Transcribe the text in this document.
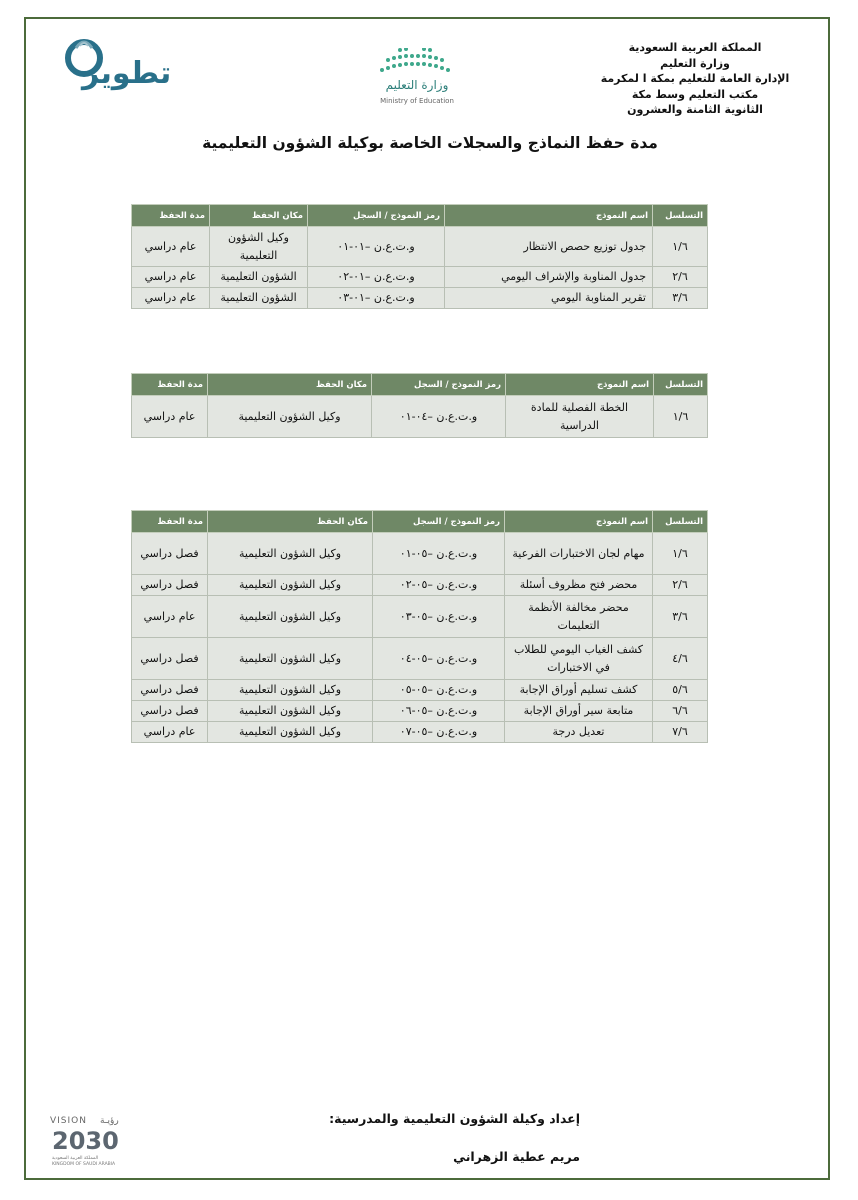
المملكة العربية السعودية
وزارة التعليم
الإدارة العامة للتعليم بمكة ا لمكرمة
مكتب التعليم وسط مكة
الثانوية الثامنة والعشرون
وزارة التعليم
Ministry of Education
تطوير
مدة حفظ النماذج والسجلات الخاصة بوكيلة الشؤون التعليمية
التسلسل	اسم النموذج	رمز النموذج / السجل	مكان الحفظ	مدة الحفظ
١/٦	جدول توزيع حصص الانتظار	و.ت.ع.ن –٠١-٠١	وكيل الشؤون التعليمية	عام دراسي
٢/٦	جدول المناوبة والإشراف اليومي	و.ت.ع.ن –٠١-٠٢	الشؤون التعليمية	عام دراسي
٣/٦	تقرير المناوبة اليومي	و.ت.ع.ن –٠١-٠٣	الشؤون التعليمية	عام دراسي
التسلسل	اسم النموذج	رمز النموذج / السجل	مكان الحفظ	مدة الحفظ
١/٦	الخطة الفصلية للمادة الدراسية	و.ت.ع.ن –٠٤-٠١	وكيل الشؤون التعليمية	عام دراسي
التسلسل	اسم النموذج	رمز النموذج / السجل	مكان الحفظ	مدة الحفظ
١/٦	مهام لجان الاختبارات الفرعية	و.ت.ع.ن –٠٥-٠١	وكيل الشؤون التعليمية	فصل دراسي
٢/٦	محضر فتح مظروف أسئلة	و.ت.ع.ن –٠٥-٠٢	وكيل الشؤون التعليمية	فصل دراسي
٣/٦	محضر مخالفة الأنظمة التعليمات	و.ت.ع.ن –٠٥-٠٣	وكيل الشؤون التعليمية	عام دراسي
٤/٦	كشف الغياب اليومي للطلاب في الاختبارات	و.ت.ع.ن –٠٥-٠٤	وكيل الشؤون التعليمية	فصل دراسي
٥/٦	كشف تسليم أوراق الإجابة	و.ت.ع.ن –٠٥-٠٥	وكيل الشؤون التعليمية	فصل دراسي
٦/٦	متابعة سير أوراق الإجابة	و.ت.ع.ن –٠٥-٠٦	وكيل الشؤون التعليمية	فصل دراسي
٧/٦	تعديل درجة	و.ت.ع.ن –٠٥-٠٧	وكيل الشؤون التعليمية	عام دراسي
إعداد وكيلة الشؤون التعليمية والمدرسية:
مريم عطية الزهراني
VISION رؤيـة
2030
المملكة العربية السعودية
KINGDOM OF SAUDI ARABIA
